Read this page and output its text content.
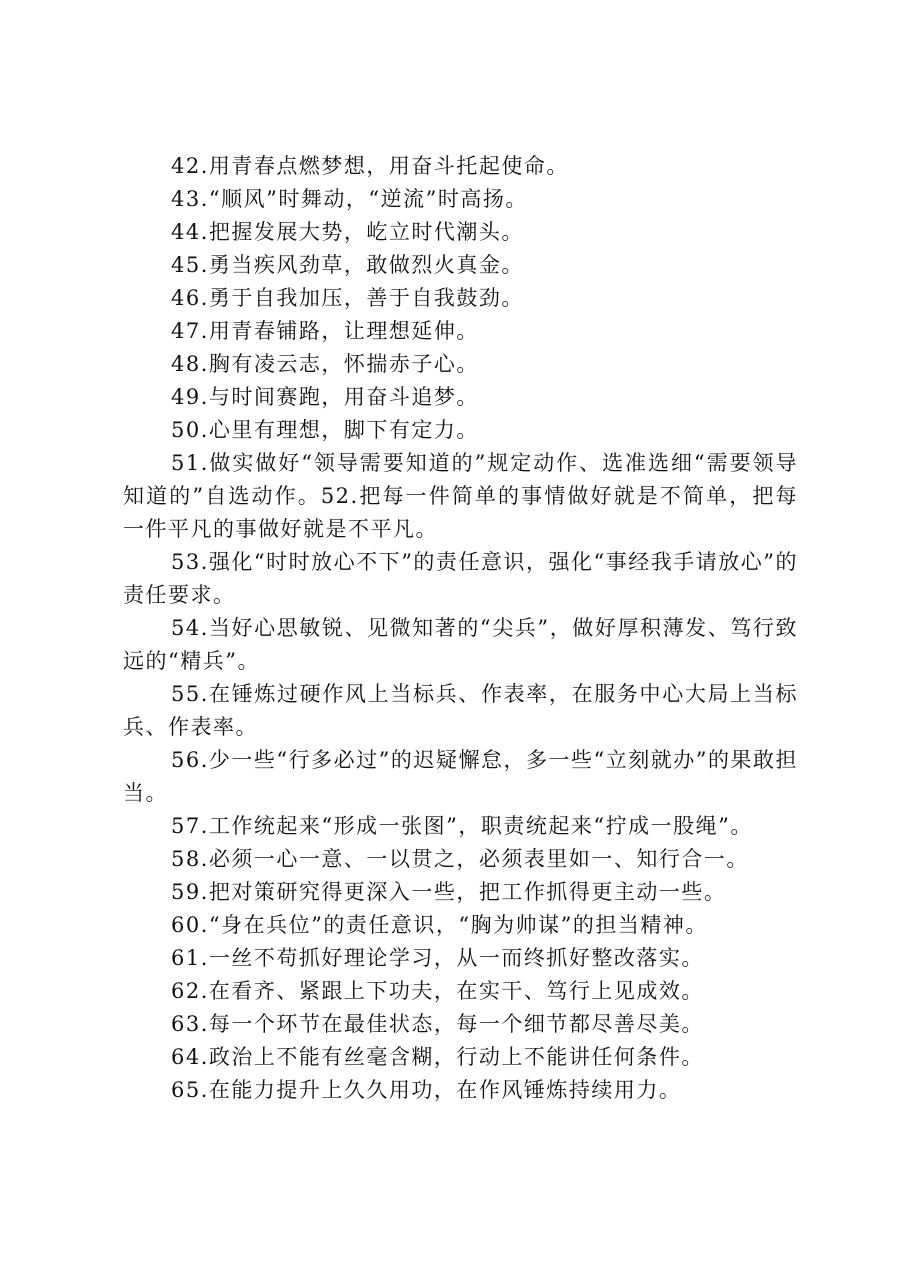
42.用青春点燃梦想，用奋斗托起使命。

43.“顺风”时舞动，“逆流”时高扬。

44.把握发展大势，屹立时代潮头。

45.勇当疾风劲草，敢做烈火真金。

46.勇于自我加压，善于自我鼓劲。

47.用青春铺路，让理想延伸。

48.胸有凌云志，怀揣赤子心。

49.与时间赛跑，用奋斗追梦。

50.心里有理想，脚下有定力。

51.做实做好“领导需要知道的”规定动作、选准选细“需要领导知道的”自选动作。52.把每一件简单的事情做好就是不简单，把每一件平凡的事做好就是不平凡。

53.强化“时时放心不下”的责任意识，强化“事经我手请放心”的责任要求。

54.当好心思敏锐、见微知著的“尖兵”，做好厚积薄发、笃行致远的“精兵”。

55.在锤炼过硬作风上当标兵、作表率，在服务中心大局上当标兵、作表率。

56.少一些“行多必过”的迟疑懈怠，多一些“立刻就办”的果敢担当。

57.工作统起来“形成一张图”，职责统起来“拧成一股绳”。

58.必须一心一意、一以贯之，必须表里如一、知行合一。

59.把对策研究得更深入一些，把工作抓得更主动一些。

60.“身在兵位”的责任意识，“胸为帅谋”的担当精神。

61.一丝不苟抓好理论学习，从一而终抓好整改落实。

62.在看齐、紧跟上下功夫，在实干、笃行上见成效。

63.每一个环节在最佳状态，每一个细节都尽善尽美。

64.政治上不能有丝毫含糊，行动上不能讲任何条件。

65.在能力提升上久久用功，在作风锤炼持续用力。
